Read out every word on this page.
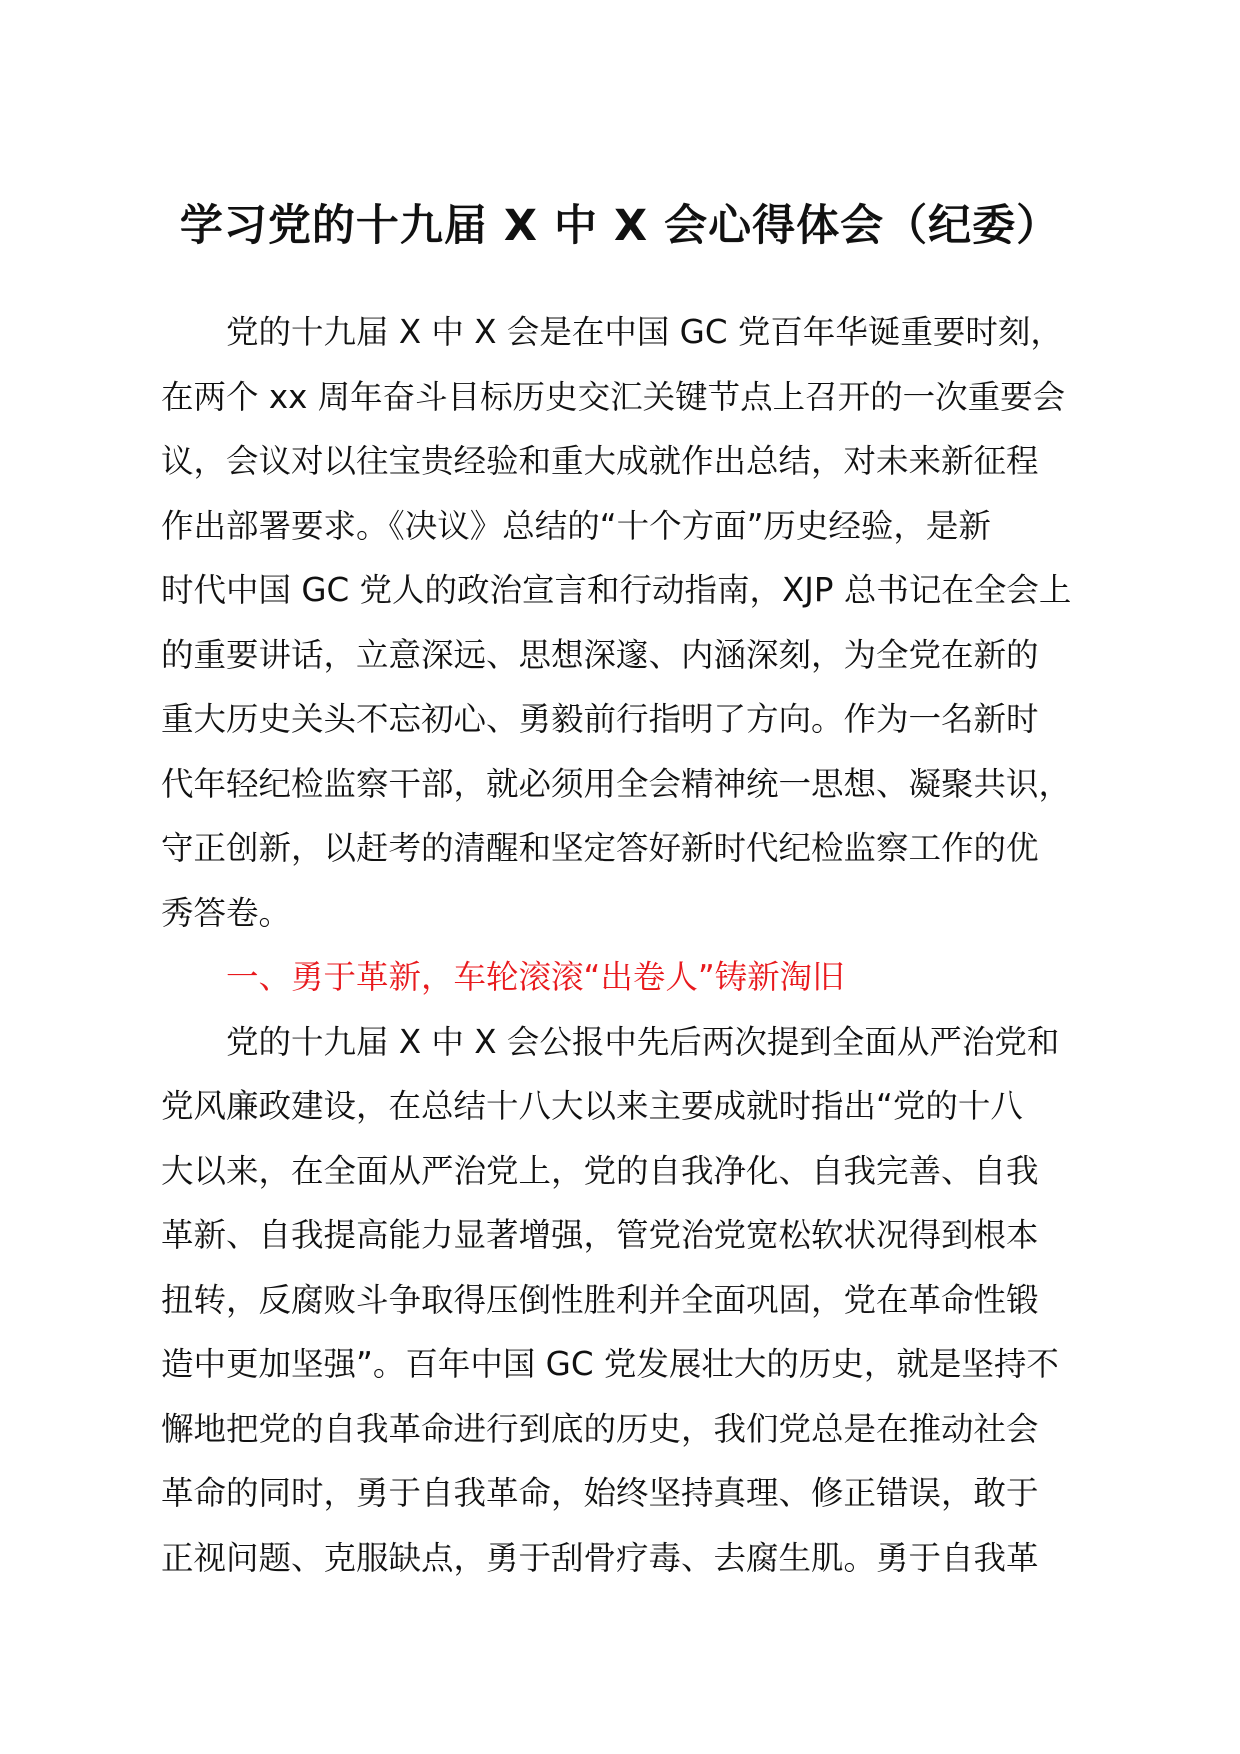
学习党的十九届 X 中 X 会心得体会（纪委）
党的十九届 X 中 X 会是在中国 GC 党百年华诞重要时刻，
在两个 xx 周年奋斗目标历史交汇关键节点上召开的一次重要会
议，会议对以往宝贵经验和重大成就作出总结，对未来新征程
作出部署要求。《决议》总结的“十个方面”历史经验，是新
时代中国 GC 党人的政治宣言和行动指南，XJP 总书记在全会上
的重要讲话，立意深远、思想深邃、内涵深刻，为全党在新的
重大历史关头不忘初心、勇毅前行指明了方向。作为一名新时
代年轻纪检监察干部，就必须用全会精神统一思想、凝聚共识，
守正创新，以赶考的清醒和坚定答好新时代纪检监察工作的优
秀答卷。
一、勇于革新，车轮滚滚“出卷人”铸新淘旧
党的十九届 X 中 X 会公报中先后两次提到全面从严治党和
党风廉政建设，在总结十八大以来主要成就时指出“党的十八
大以来，在全面从严治党上，党的自我净化、自我完善、自我
革新、自我提高能力显著增强，管党治党宽松软状况得到根本
扭转，反腐败斗争取得压倒性胜利并全面巩固，党在革命性锻
造中更加坚强”。百年中国 GC 党发展壮大的历史，就是坚持不
懈地把党的自我革命进行到底的历史，我们党总是在推动社会
革命的同时，勇于自我革命，始终坚持真理、修正错误，敢于
正视问题、克服缺点，勇于刮骨疗毒、去腐生肌。勇于自我革
